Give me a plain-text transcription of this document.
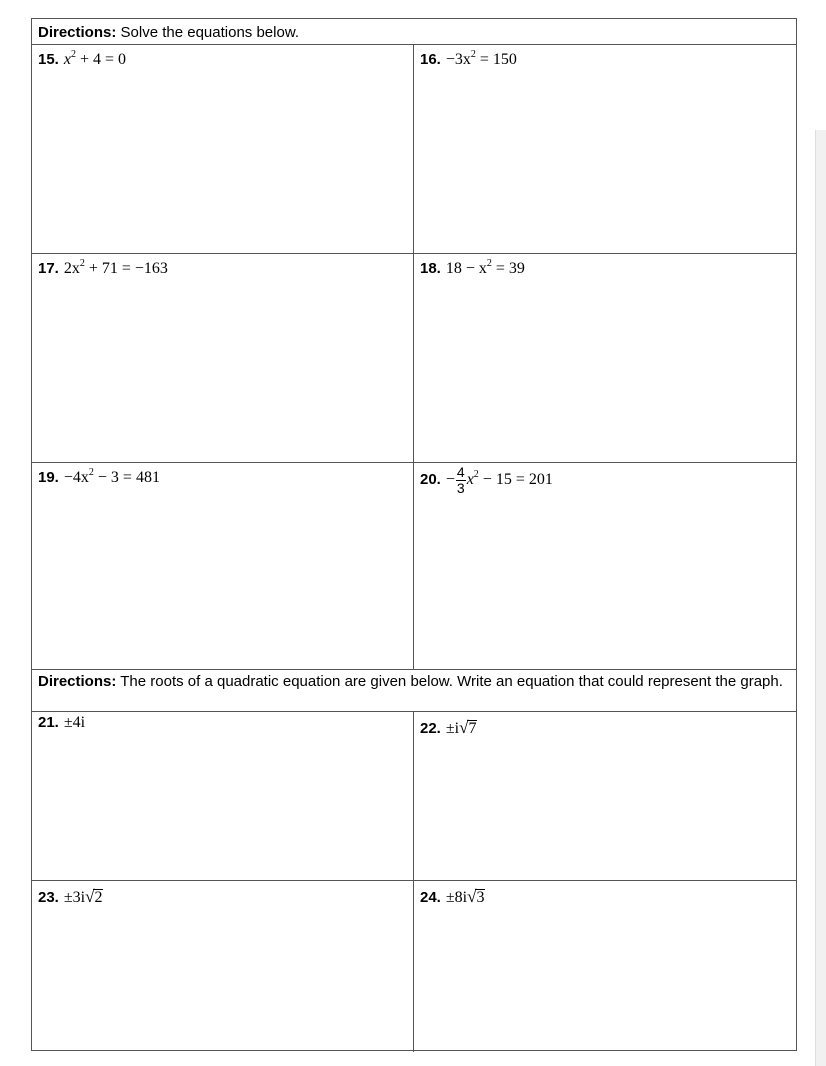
Directions: Solve the equations below.
15. $x^2 + 4 = 0$	16. $-3x^2 = 150$
17. $2x^2 + 71 = -163$	18. $18 - x^2 = 39$
19. $-4x^2 - 3 = 481$	20. − $\frac{4}{3} x^2 - 15 = 201$
Directions: The roots of a quadratic equation are given below. Write an equation that could represent the graph.
21. ±4i	22. ±i√7
23. ±3i√2	24. ±8i√3
